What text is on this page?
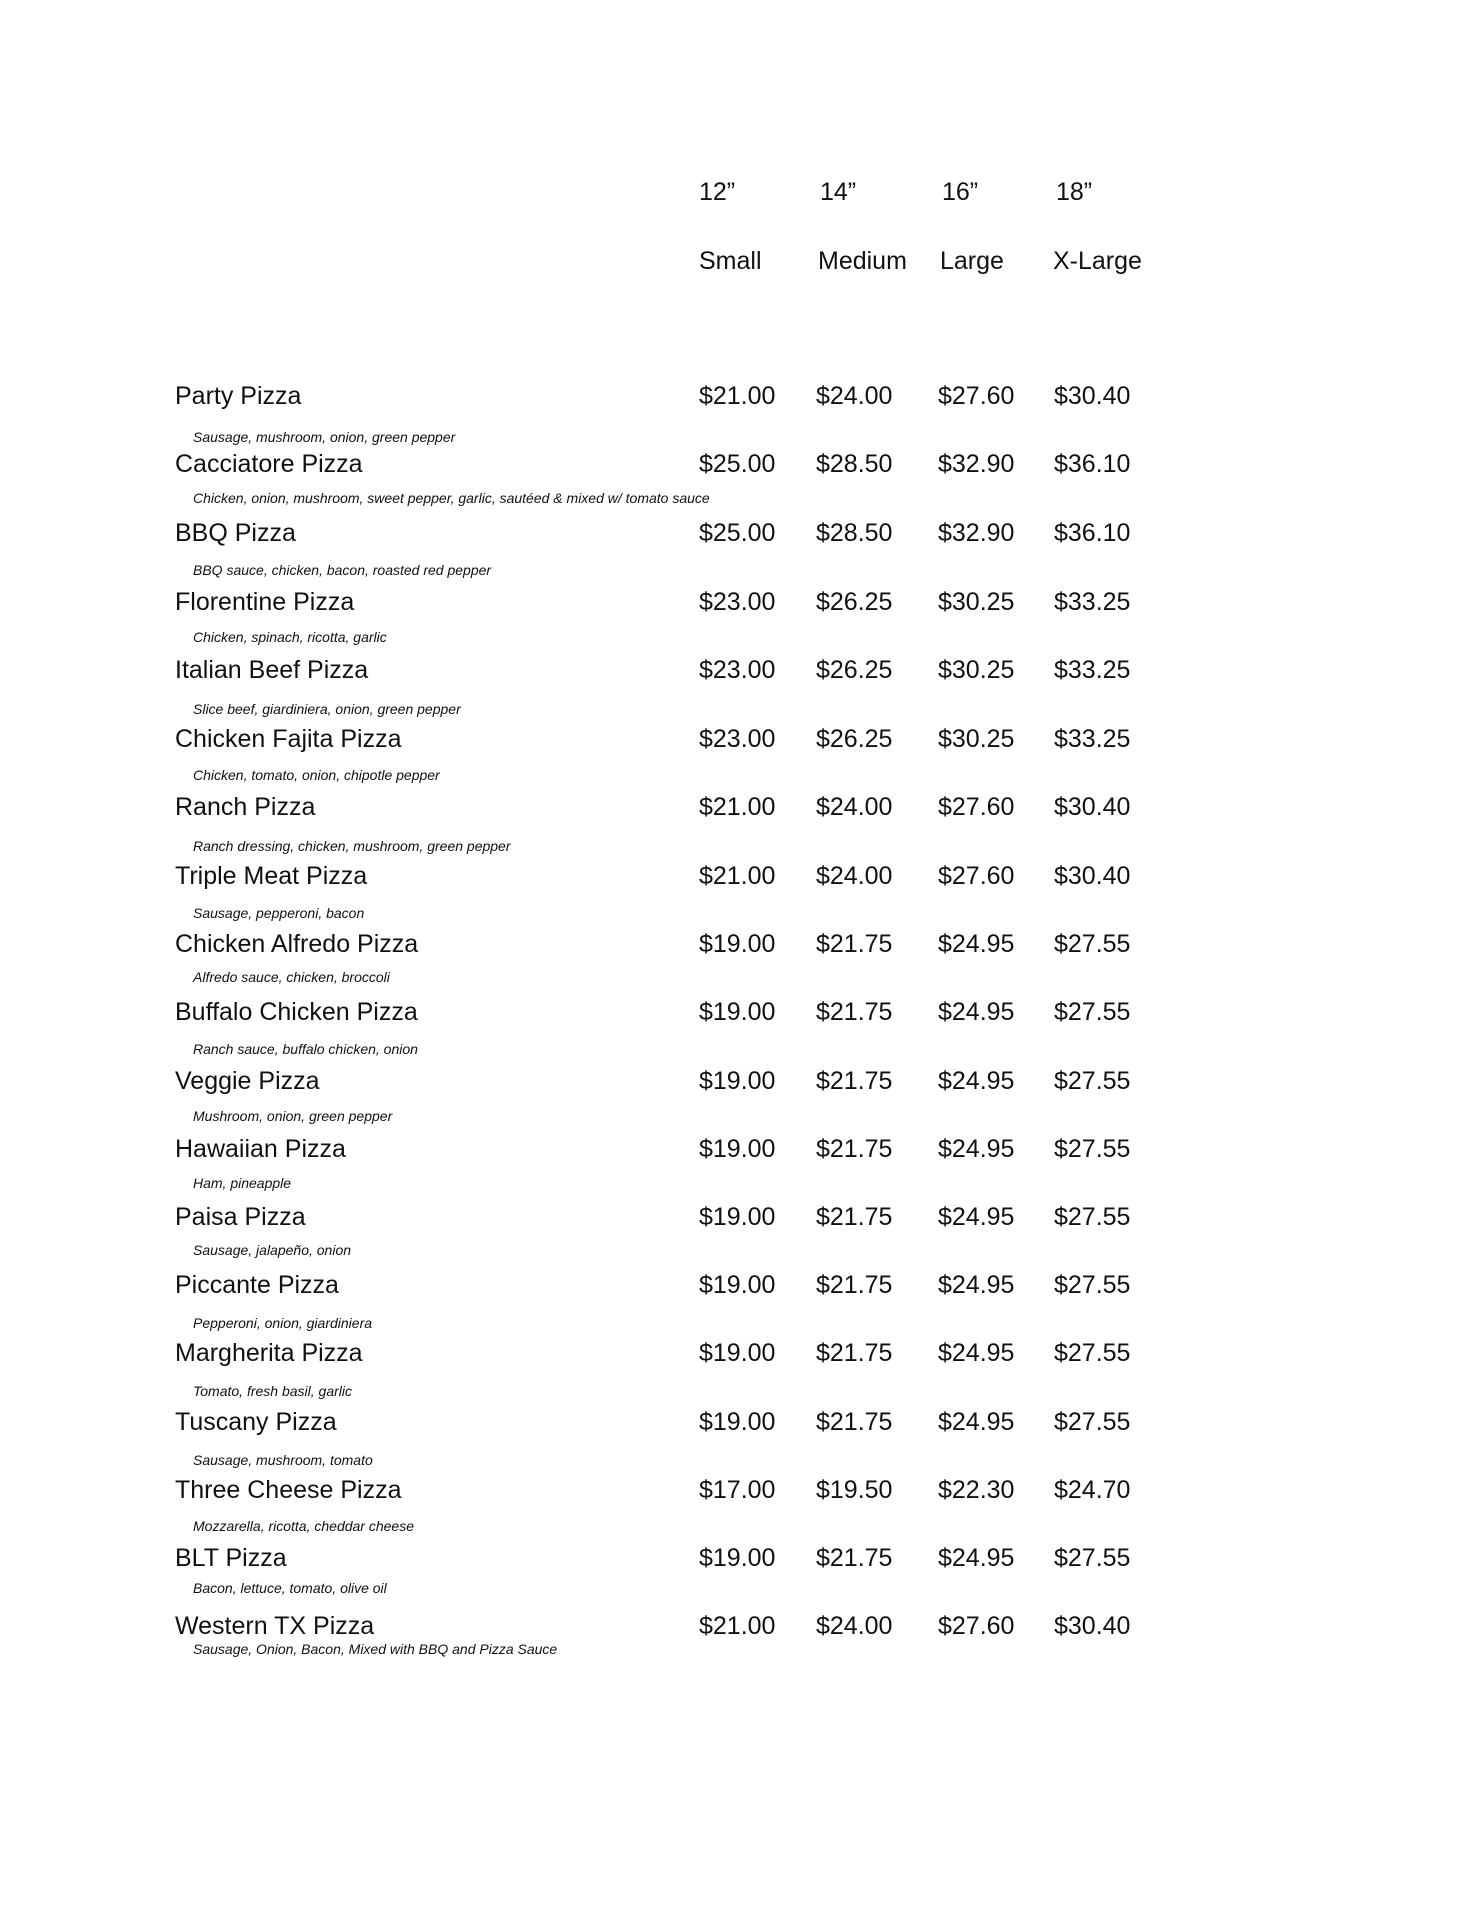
12”	14”	16”	18”
Small Medium Large X-Large
Party Pizza	$21.00 $24.00 $27.60 $30.40
Sausage, mushroom, onion, green pepper
Cacciatore Pizza	$25.00 $28.50 $32.90 $36.10
Chicken, onion, mushroom, sweet pepper, garlic, sautéed & mixed w/ tomato sauce
BBQ Pizza	$25.00 $28.50 $32.90 $36.10
BBQ sauce, chicken, bacon, roasted red pepper
Florentine Pizza	$23.00 $26.25 $30.25 $33.25
Chicken, spinach, ricotta, garlic
Italian Beef Pizza	$23.00 $26.25 $30.25 $33.25
Slice beef, giardiniera, onion, green pepper
Chicken Fajita Pizza	$23.00 $26.25 $30.25 $33.25
Chicken, tomato, onion, chipotle pepper
Ranch Pizza	$21.00 $24.00 $27.60 $30.40
Ranch dressing, chicken, mushroom, green pepper
Triple Meat Pizza	$21.00 $24.00 $27.60 $30.40
Sausage, pepperoni, bacon
Chicken Alfredo Pizza	$19.00 $21.75 $24.95 $27.55
Alfredo sauce, chicken, broccoli
Buffalo Chicken Pizza	$19.00 $21.75 $24.95 $27.55
Ranch sauce, buffalo chicken, onion
Veggie Pizza	$19.00 $21.75 $24.95 $27.55
Mushroom, onion, green pepper
Hawaiian Pizza	$19.00 $21.75 $24.95 $27.55
Ham, pineapple
Paisa Pizza	$19.00 $21.75 $24.95 $27.55
Sausage, jalapeño, onion
Piccante Pizza	$19.00 $21.75 $24.95 $27.55
Pepperoni, onion, giardiniera
Margherita Pizza	$19.00 $21.75 $24.95 $27.55
Tomato, fresh basil, garlic
Tuscany Pizza	$19.00 $21.75 $24.95 $27.55
Sausage, mushroom, tomato
Three Cheese Pizza	$17.00 $19.50 $22.30 $24.70
Mozzarella, ricotta, cheddar cheese
BLT Pizza	$19.00 $21.75 $24.95 $27.55
Bacon, lettuce, tomato, olive oil
Western TX Pizza	$21.00 $24.00 $27.60 $30.40
Sausage, Onion, Bacon, Mixed with BBQ and Pizza Sauce
